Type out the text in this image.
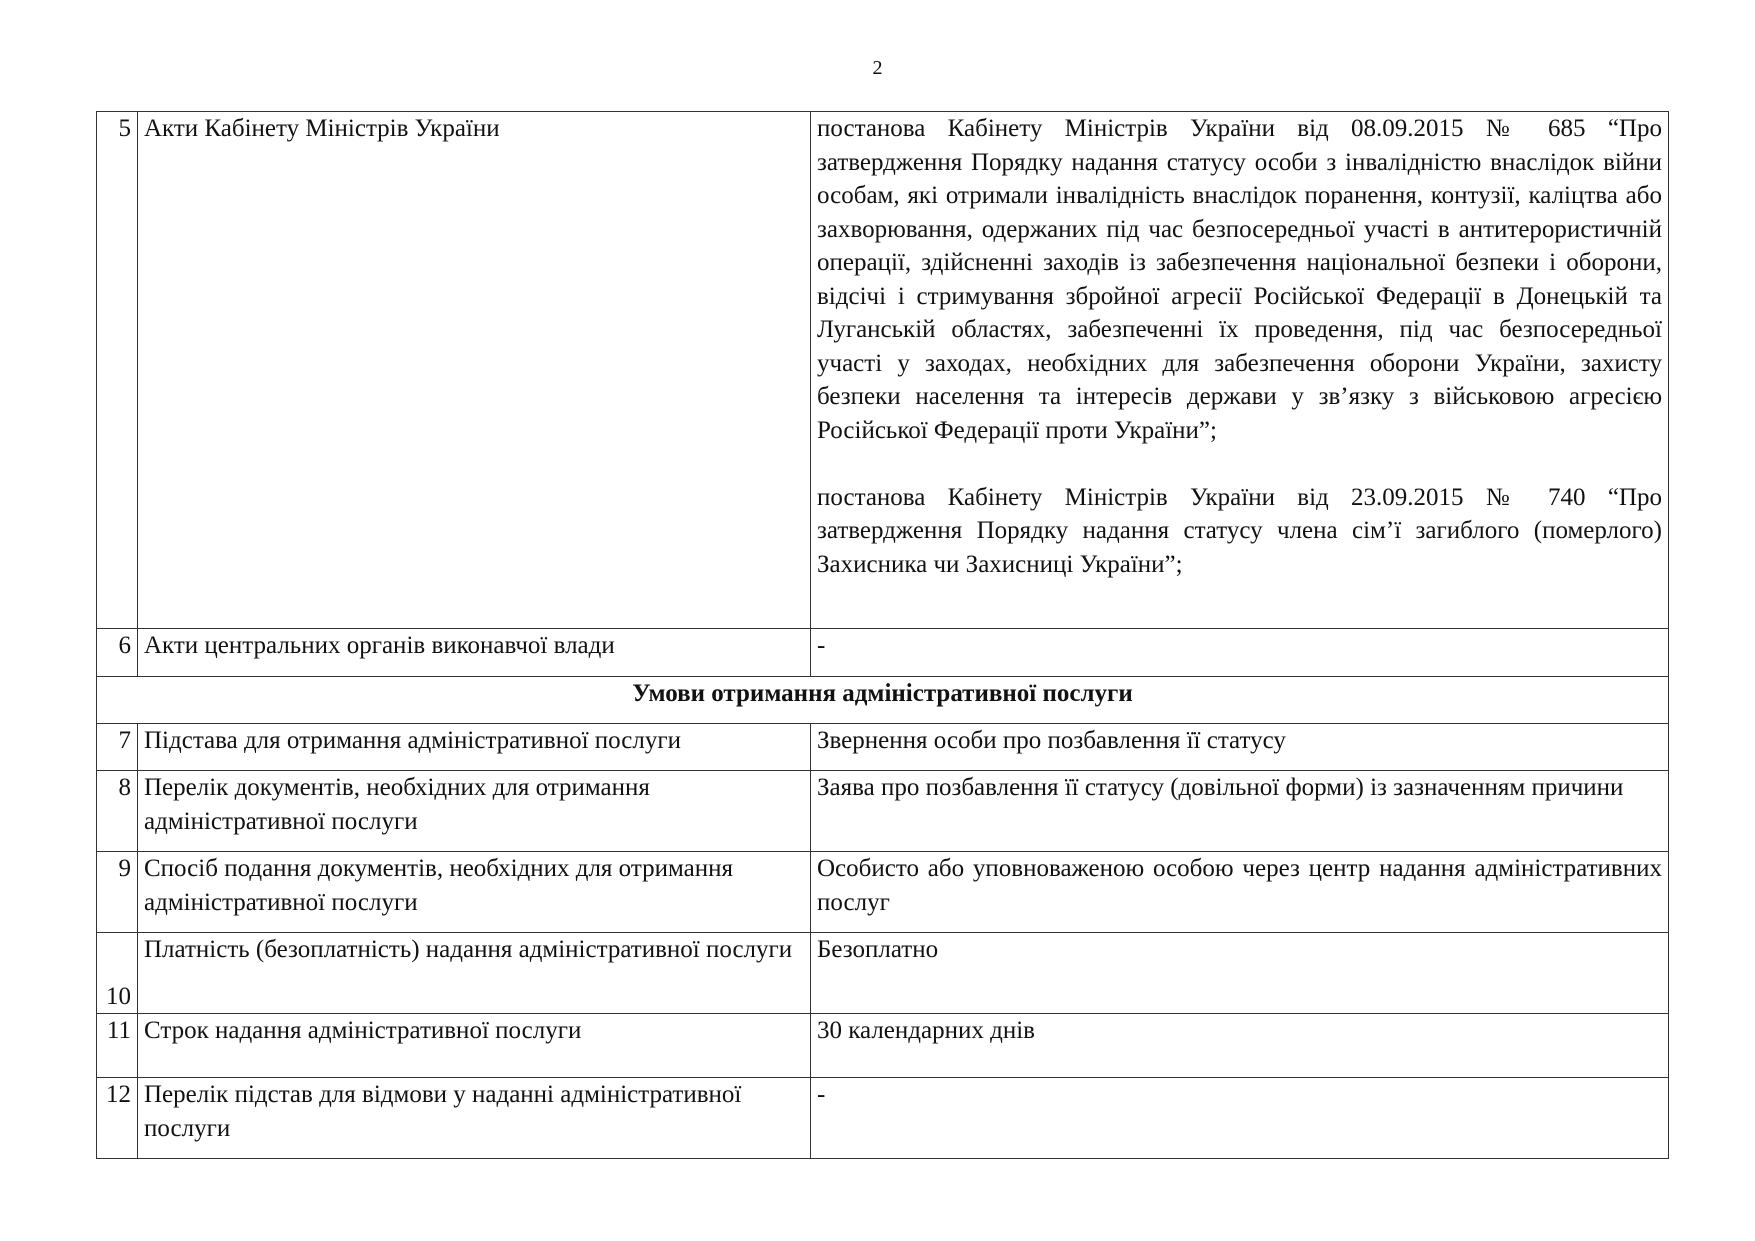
2
5	Акти Кабінету Міністрів України	постанова Кабінету Міністрів України від 08.09.2015 № 685 “Про затвердження Порядку надання статусу особи з інвалідністю внаслідок війни особам, які отримали інвалідність внаслідок поранення, контузії, каліцтва або захворювання, одержаних під час безпосередньої участі в антитерористичній операції, здійсненні заходів із забезпечення національної безпеки і оборони, відсічі і стримування збройної агресії Російської Федерації в Донецькій та Луганській областях, забезпеченні їх проведення, під час безпосередньої участі у заходах, необхідних для забезпечення оборони України, захисту безпеки населення та інтересів держави у зв’язку з військовою агресією Російської Федерації проти України”;
постанова Кабінету Міністрів України від 23.09.2015 № 740 “Про затвердження Порядку надання статусу члена сім’ї загиблого (померлого) Захисника чи Захисниці України”;

6	Акти центральних органів виконавчої влади	-
Умови отримання адміністративної послуги		
7	Підстава для отримання адміністративної послуги	Звернення особи про позбавлення її статусу
8	Перелік документів, необхідних для отримання адміністративної послуги	Заява про позбавлення її статусу (довільної форми) із зазначенням причини
9	Спосіб подання документів, необхідних для отримання адміністративної послуги	Особисто або уповноваженою особою через центр надання адміністративних послуг
10	Платність (безоплатність) надання адміністративної послуги	Безоплатно
11	Строк надання адміністративної послуги	30 календарних днів
12	Перелік підстав для відмови у наданні адміністративної послуги	-
